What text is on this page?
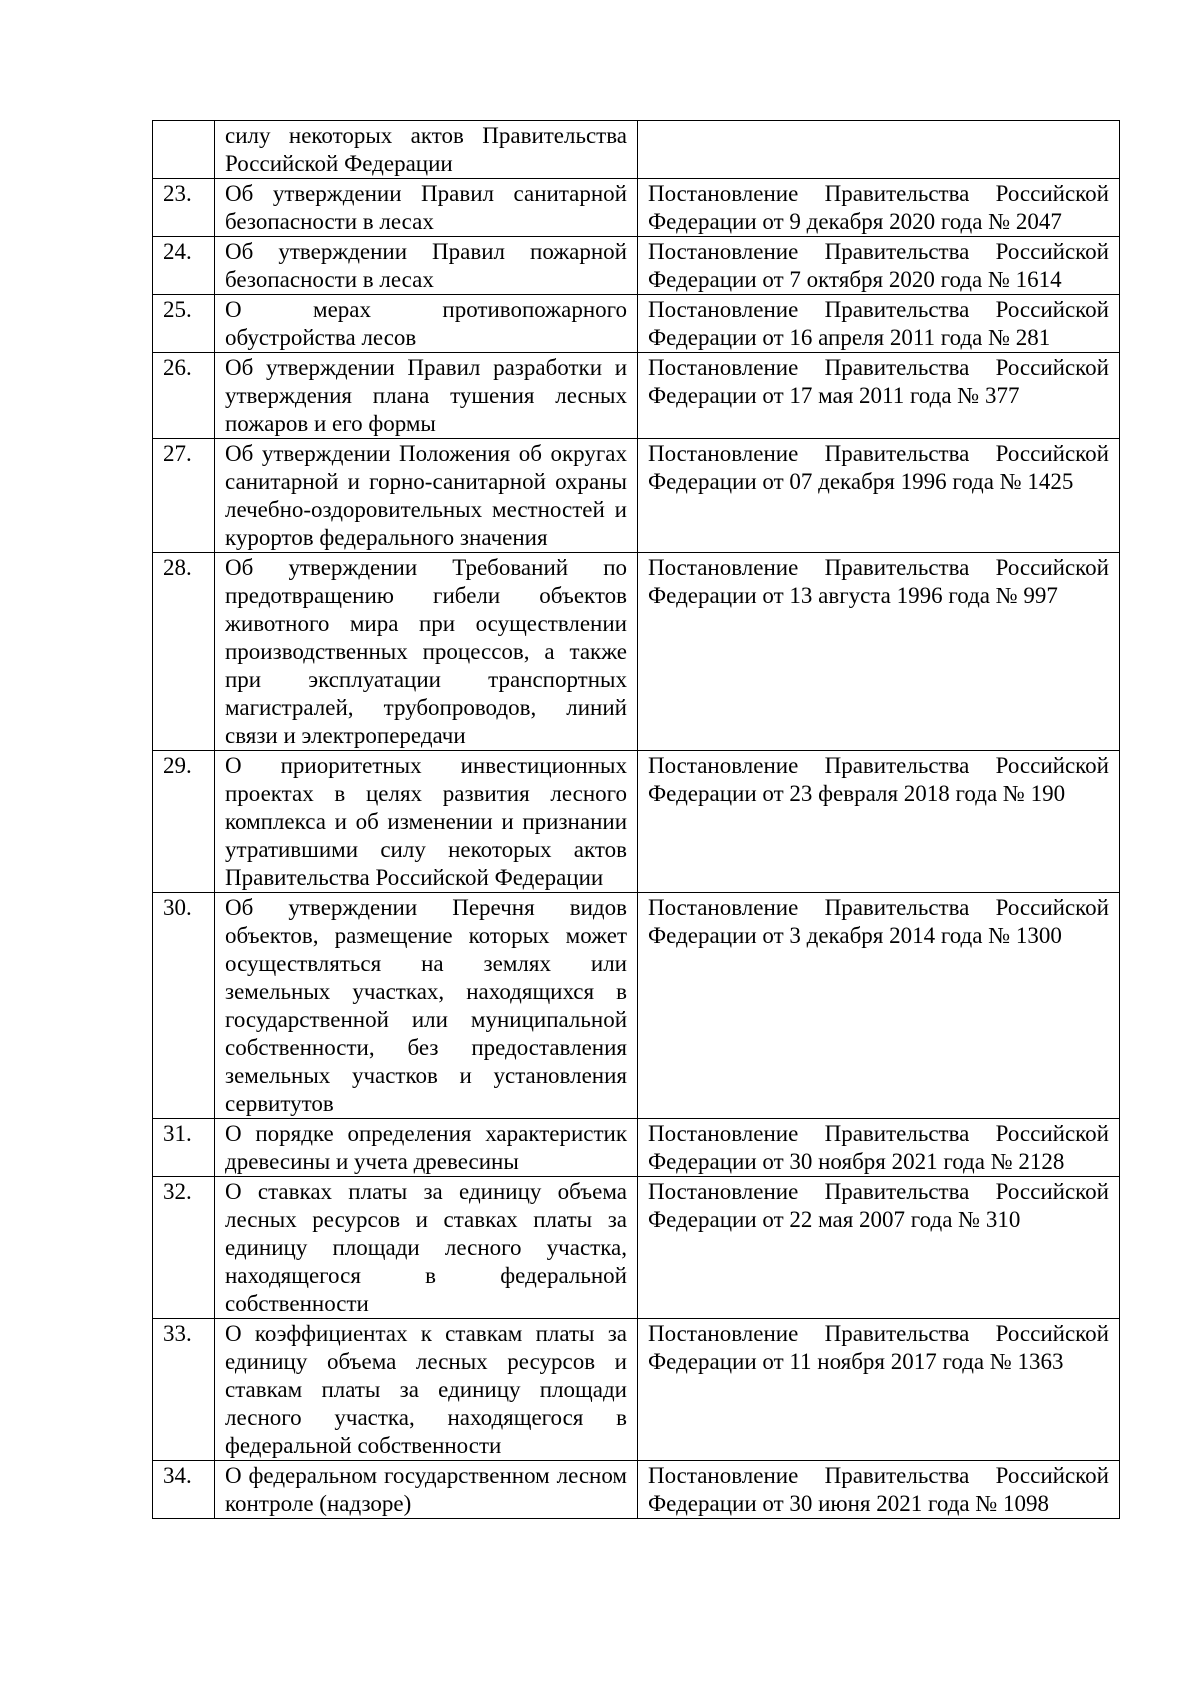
	силу некоторых актов Правительства Российской Федерации	
23.	Об утверждении Правил санитарной безопасности в лесах	Постановление Правительства Российской Федерации от 9 декабря 2020 года № 2047
24.	Об утверждении Правил пожарной безопасности в лесах	Постановление Правительства Российской Федерации от 7 октября 2020 года № 1614
25.	О мерах противопожарного обустройства лесов	Постановление Правительства Российской Федерации от 16 апреля 2011 года № 281
26.	Об утверждении Правил разработки и утверждения плана тушения лесных пожаров и его формы	Постановление Правительства Российской Федерации от 17 мая 2011 года № 377
27.	Об утверждении Положения об округах санитарной и горно-санитарной охраны лечебно-оздоровительных местностей и курортов федерального значения	Постановление Правительства Российской Федерации от 07 декабря 1996 года № 1425
28.	Об утверждении Требований по предотвращению гибели объектов животного мира при осуществлении производственных процессов, а также при эксплуатации транспортных магистралей, трубопроводов, линий связи и электропередачи	Постановление Правительства Российской Федерации от 13 августа 1996 года № 997
29.	О приоритетных инвестиционных проектах в целях развития лесного комплекса и об изменении и признании утратившими силу некоторых актов Правительства Российской Федерации	Постановление Правительства Российской Федерации от 23 февраля 2018 года № 190
30.	Об утверждении Перечня видов объектов, размещение которых может осуществляться на землях или земельных участках, находящихся в государственной или муниципальной собственности, без предоставления земельных участков и установления сервитутов	Постановление Правительства Российской Федерации от 3 декабря 2014 года № 1300
31.	О порядке определения характеристик древесины и учета древесины	Постановление Правительства Российской Федерации от 30 ноября 2021 года № 2128
32.	О ставках платы за единицу объема лесных ресурсов и ставках платы за единицу площади лесного участка, находящегося в федеральной собственности	Постановление Правительства Российской Федерации от 22 мая 2007 года № 310
33.	О коэффициентах к ставкам платы за единицу объема лесных ресурсов и ставкам платы за единицу площади лесного участка, находящегося в федеральной собственности	Постановление Правительства Российской Федерации от 11 ноября 2017 года № 1363
34.	О федеральном государственном лесном контроле (надзоре)	Постановление Правительства Российской Федерации от 30 июня 2021 года № 1098
